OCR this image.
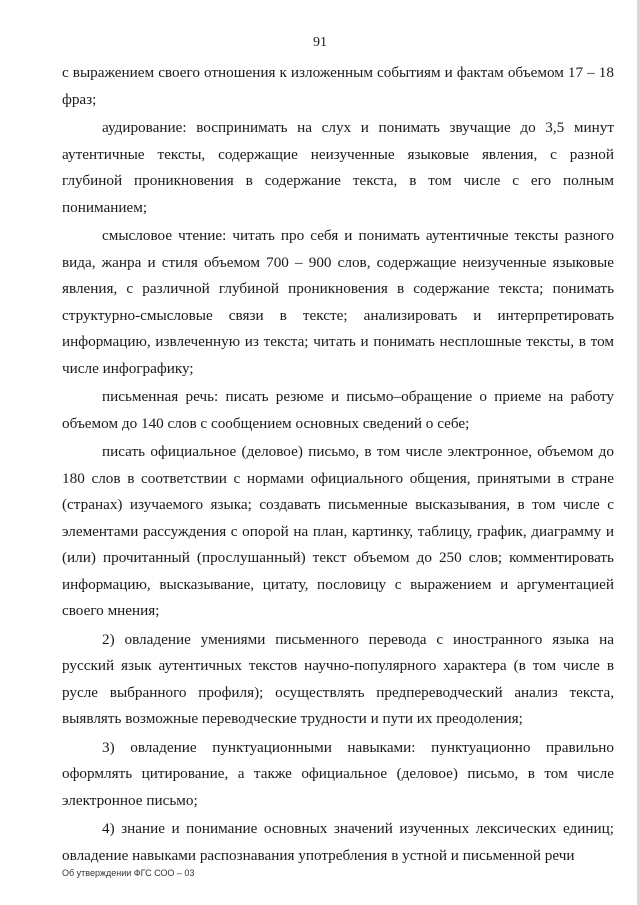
91

с выражением своего отношения к изложенным событиям и фактам объемом 17 – 18 фраз;

аудирование: воспринимать на слух и понимать звучащие до 3,5 минут аутентичные тексты, содержащие неизученные языковые явления, с разной глубиной проникновения в содержание текста, в том числе с его полным пониманием;

смысловое чтение: читать про себя и понимать аутентичные тексты разного вида, жанра и стиля объемом 700 – 900 слов, содержащие неизученные языковые явления, с различной глубиной проникновения в содержание текста; понимать структурно-смысловые связи в тексте; анализировать и интерпретировать информацию, извлеченную из текста; читать и понимать несплошные тексты, в том числе инфографику;

письменная речь: писать резюме и письмо–обращение о приеме на работу объемом до 140 слов с сообщением основных сведений о себе;

писать официальное (деловое) письмо, в том числе электронное, объемом до 180 слов в соответствии с нормами официального общения, принятыми в стране (странах) изучаемого языка; создавать письменные высказывания, в том числе с элементами рассуждения с опорой на план, картинку, таблицу, график, диаграмму и (или) прочитанный (прослушанный) текст объемом до 250 слов; комментировать информацию, высказывание, цитату, пословицу с выражением и аргументацией своего мнения;

2) овладение умениями письменного перевода с иностранного языка на русский язык аутентичных текстов научно-популярного характера (в том числе в русле выбранного профиля); осуществлять предпереводческий анализ текста, выявлять возможные переводческие трудности и пути их преодоления;

3) овладение пунктуационными навыками: пунктуационно правильно оформлять цитирование, а также официальное (деловое) письмо, в том числе электронное письмо;

4) знание и понимание основных значений изученных лексических единиц; овладение навыками распознавания употребления в устной и письменной речи

Об утверждении ФГС СОО – 03
